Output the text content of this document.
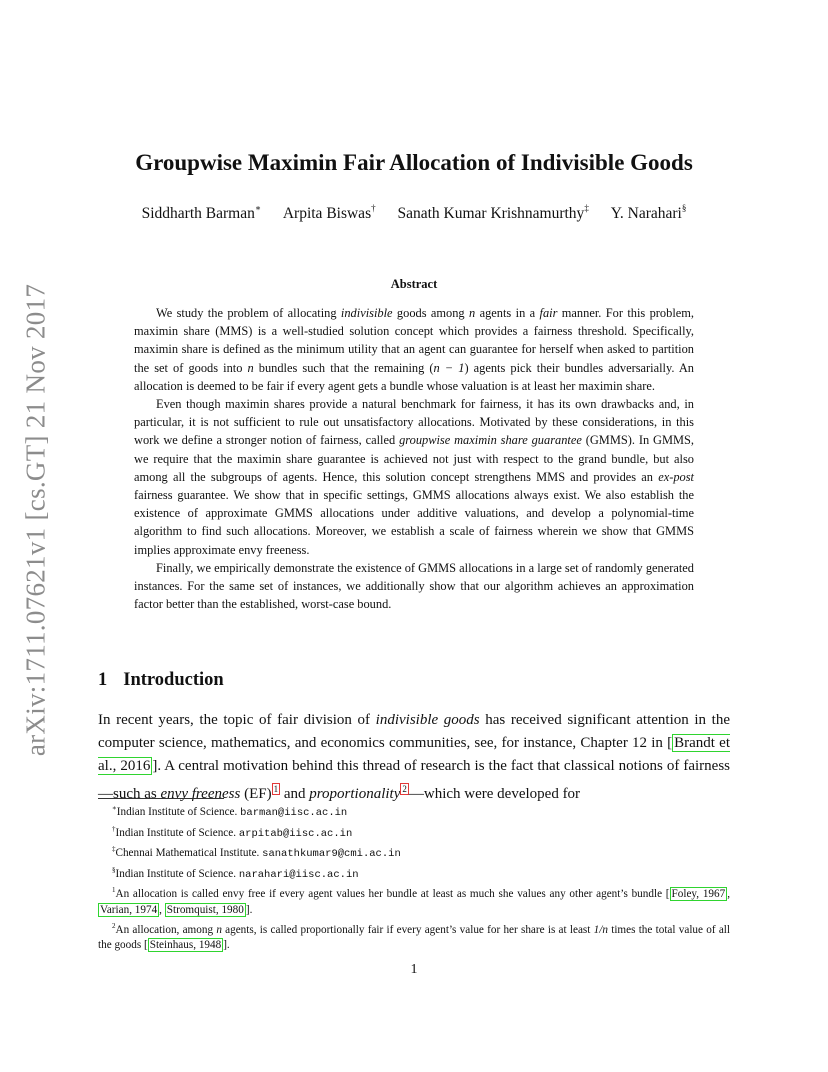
arXiv:1711.07621v1 [cs.GT] 21 Nov 2017
Groupwise Maximin Fair Allocation of Indivisible Goods
Siddharth Barman∗ Arpita Biswas† Sanath Kumar Krishnamurthy‡ Y. Narahari§
Abstract

We study the problem of allocating indivisible goods among n agents in a fair manner. For this problem, maximin share (MMS) is a well-studied solution concept which provides a fairness threshold. Specifically, maximin share is defined as the minimum utility that an agent can guarantee for herself when asked to partition the set of goods into n bundles such that the remaining (n − 1) agents pick their bundles adversarially. An allocation is deemed to be fair if every agent gets a bundle whose valuation is at least her maximin share.

Even though maximin shares provide a natural benchmark for fairness, it has its own drawbacks and, in particular, it is not sufficient to rule out unsatisfactory allocations. Motivated by these considerations, in this work we define a stronger notion of fairness, called groupwise maximin share guarantee (GMMS). In GMMS, we require that the maximin share guarantee is achieved not just with respect to the grand bundle, but also among all the subgroups of agents. Hence, this solution concept strengthens MMS and provides an ex-post fairness guarantee. We show that in specific settings, GMMS allocations always exist. We also establish the existence of approximate GMMS allocations under additive valuations, and develop a polynomial-time algorithm to find such allocations. Moreover, we establish a scale of fairness wherein we show that GMMS implies approximate envy freeness.

Finally, we empirically demonstrate the existence of GMMS allocations in a large set of randomly generated instances. For the same set of instances, we additionally show that our algorithm achieves an approximation factor better than the established, worst-case bound.

1 Introduction

In recent years, the topic of fair division of indivisible goods has received significant attention in the computer science, mathematics, and economics communities, see, for instance, Chapter 12 in [ Brandt et al., 2016 ]. A central motivation behind this thread of research is the fact that classical notions of fairness—such as envy freeness (EF) $^1$ and proportionality $^2$ —which were developed for

∗Indian Institute of Science. barman@iisc.ac.in

†Indian Institute of Science. arpitab@iisc.ac.in

‡Chennai Mathematical Institute. sanathkumar9@cmi.ac.in

§Indian Institute of Science. narahari@iisc.ac.in

$^1$An allocation is called envy free if every agent values her bundle at least as much she values any other agent’s bundle [ Foley, 1967 , Varian, 1974 , Stromquist, 1980 ].

$^2$An allocation, among n agents, is called proportionally fair if every agent’s value for her share is at least 1/n times the total value of all the goods [ Steinhaus, 1948 ].

1
